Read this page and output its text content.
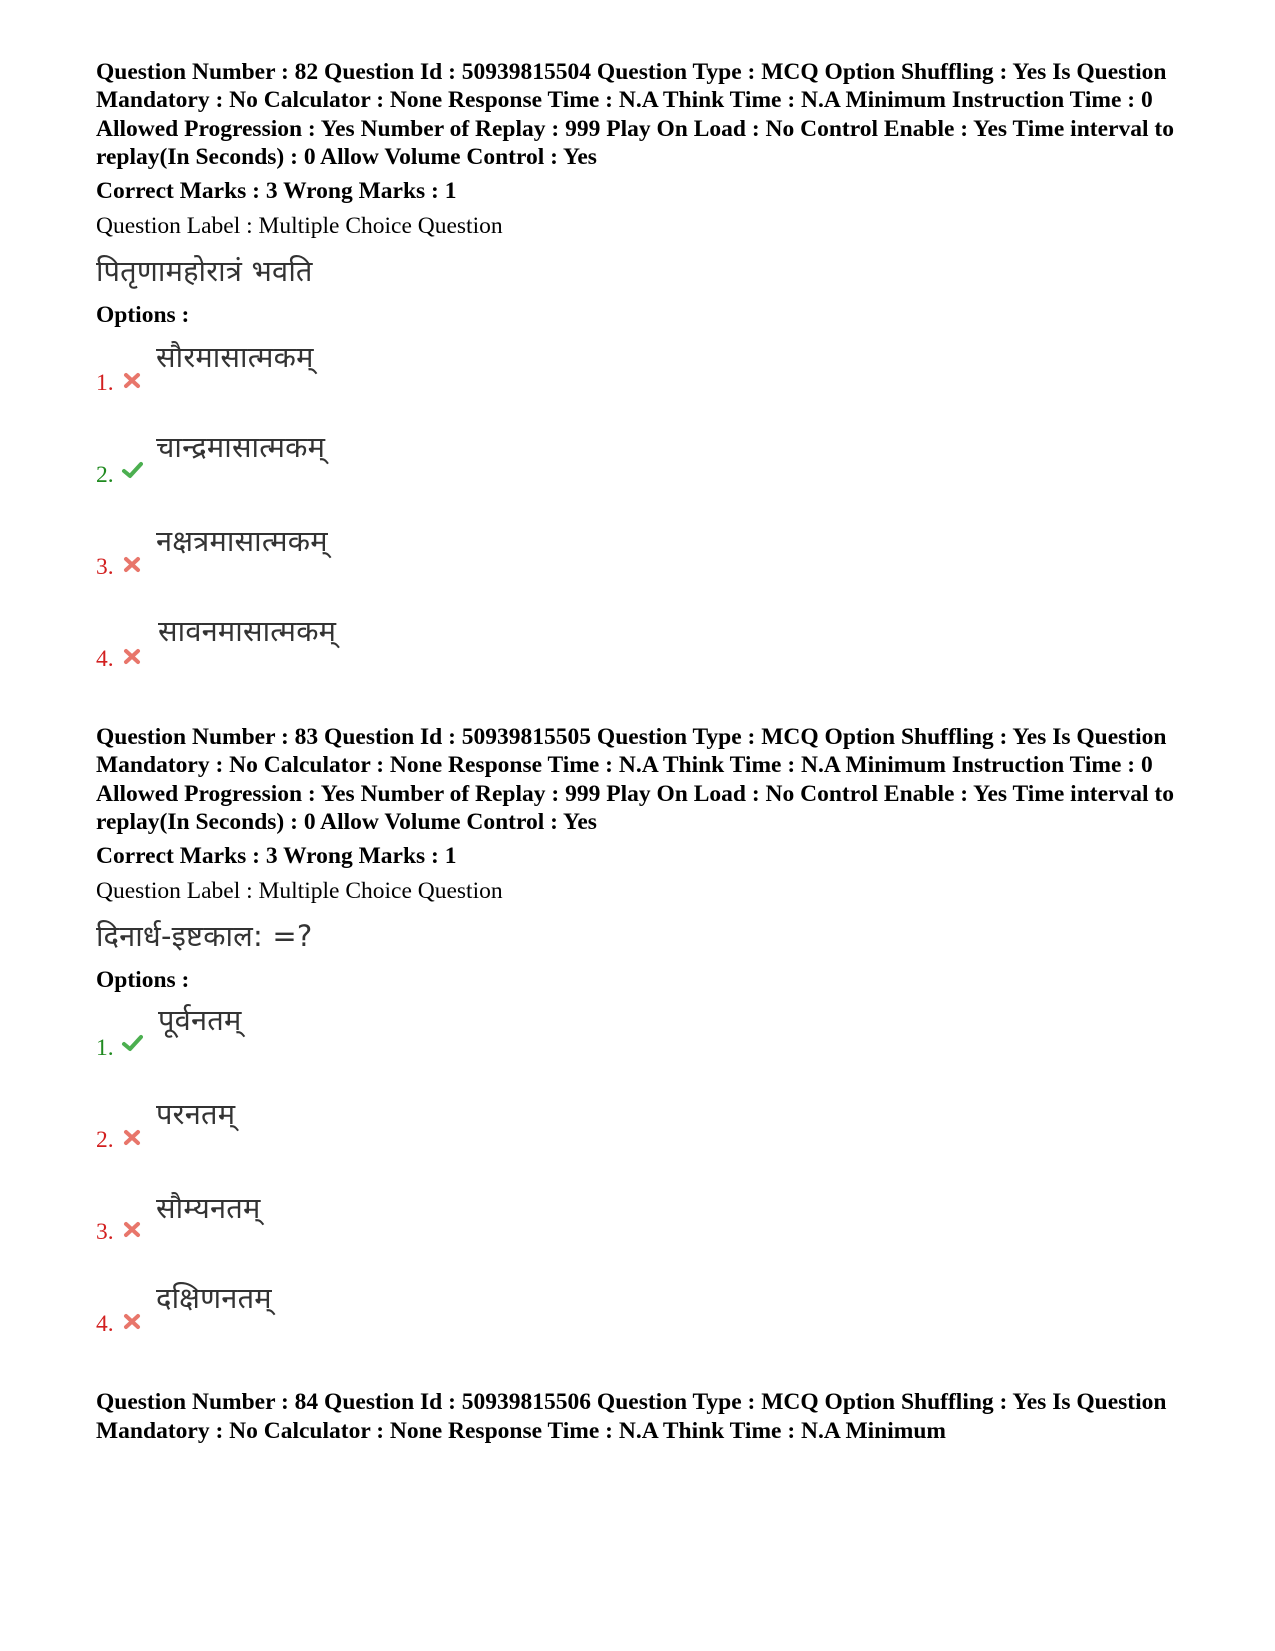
Question Number : 82 Question Id : 50939815504 Question Type : MCQ Option Shuffling : Yes Is Question Mandatory : No Calculator : None Response Time : N.A Think Time : N.A Minimum Instruction Time : 0 Allowed Progression : Yes Number of Replay : 999 Play On Load : No Control Enable : Yes Time interval to replay(In Seconds) : 0 Allow Volume Control : Yes
Correct Marks : 3 Wrong Marks : 1
Question Label : Multiple Choice Question
पितृणामहोरात्रं भवति
Options :
1.
सौरमासात्मकम्
2.
चान्द्रमासात्मकम्
3.
नक्षत्रमासात्मकम्
4.
सावनमासात्मकम्
Question Number : 83 Question Id : 50939815505 Question Type : MCQ Option Shuffling : Yes Is Question Mandatory : No Calculator : None Response Time : N.A Think Time : N.A Minimum Instruction Time : 0 Allowed Progression : Yes Number of Replay : 999 Play On Load : No Control Enable : Yes Time interval to replay(In Seconds) : 0 Allow Volume Control : Yes
Correct Marks : 3 Wrong Marks : 1
Question Label : Multiple Choice Question
दिनार्ध-इष्टकाल: =?
Options :
1.
पूर्वनतम्
2.
परनतम्
3.
सौम्यनतम्
4.
दक्षिणनतम्
Question Number : 84 Question Id : 50939815506 Question Type : MCQ Option Shuffling : Yes Is Question Mandatory : No Calculator : None Response Time : N.A Think Time : N.A Minimum
